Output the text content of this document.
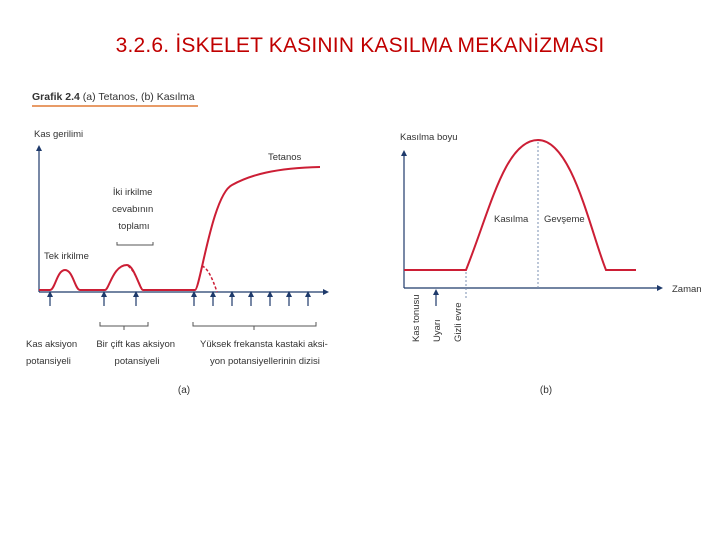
3.2.6. İSKELET KASININ KASILMA MEKANİZMASI
Grafik 2.4 (a) Tetanos, (b) Kasılma
Kas gerilimi
Tek irkilme
İki irkilme cevabının toplamı
Tetanos
Kas aksiyon potansiyeli
Bir çift kas aksiyon potansiyeli
Yüksek frekansta kastaki aksi- yon potansiyellerinin dizisi
(a)
Kasılma boyu
Zaman
Kasılma Gevşeme
Kas tonusu Uyarı Gizli evre
(b)
